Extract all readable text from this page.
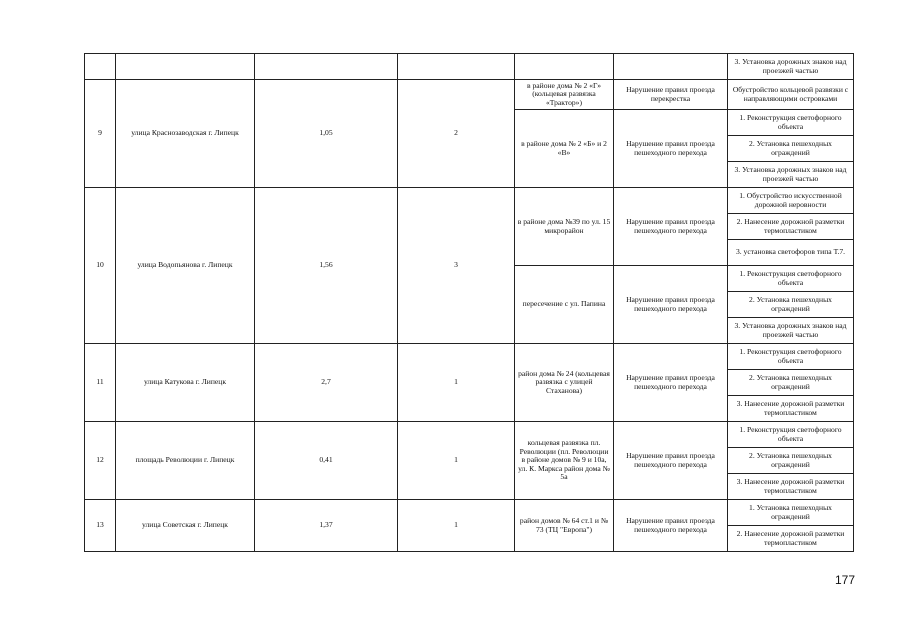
						3. Установка дорожных знаков над проезжей частью
9	улица Краснозаводская г. Липецк	1,05	2	в районе дома № 2 «Г» (кольцевая развязка «Трактор»)	Нарушение правил проезда перекрестка	Обустройство кольцевой развязки с направляющими островками
				в районе дома № 2 «Б» и 2 «В»	Нарушение правил проезда пешеходного перехода	1. Реконструкция светофорного объекта
						2. Установка пешеходных ограждений
						3. Установка дорожных знаков над проезжей частью
10	улица Водопьянова г. Липецк	1,56	3	в районе дома №39 по ул. 15 микрорайон	Нарушение правил проезда пешеходного перехода	1. Обустройство искусственной дорожной неровности
						2. Нанесение дорожной разметки термопластиком
						3. установка светофоров типа Т.7.
				пересечение с ул. Папина	Нарушение правил проезда пешеходного перехода	1. Реконструкция светофорного объекта
						2. Установка пешеходных ограждений
						3. Установка дорожных знаков над проезжей частью
11	улица Катукова г. Липецк	2,7	1	район дома № 24 (кольцевая развязка с улицей Стаханова)	Нарушение правил проезда пешеходного перехода	1. Реконструкция светофорного объекта
						2. Установка пешеходных ограждений
						3. Нанесение дорожной разметки термопластиком
12	площадь Революции г. Липецк	0,41	1	кольцевая развязка пл. Революции (пл. Революции в районе домов № 9 и 10а, ул. К. Маркса район дома № 5а	Нарушение правил проезда пешеходного перехода	1. Реконструкция светофорного объекта
						2. Установка пешеходных ограждений
						3. Нанесение дорожной разметки термопластиком
13	улица Советская г. Липецк	1,37	1	район домов № 64 ст.1 и № 73 (ТЦ "Европа")	Нарушение правил проезда пешеходного перехода	1. Установка пешеходных ограждений
						2. Нанесение дорожной разметки термопластиком
177
